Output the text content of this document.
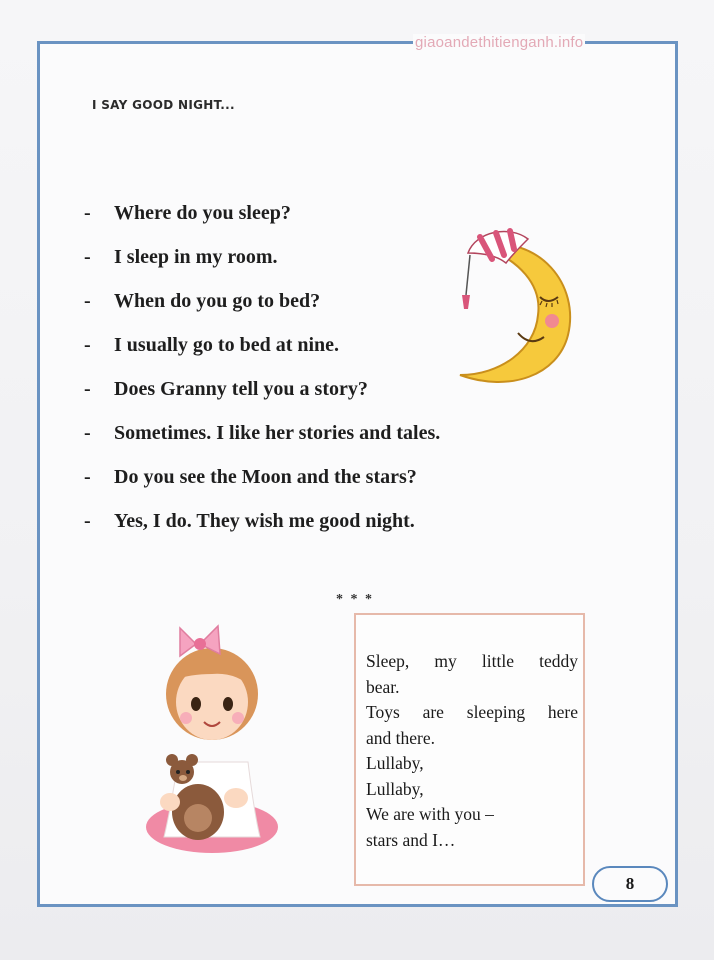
giaoandethitienganh.info
I SAY GOOD NIGHT...
- Where do you sleep?
- I sleep in my room.
- When do you go to bed?
- I usually go to bed at nine.
- Does Granny tell you a story?
- Sometimes. I like her stories and tales.
- Do you see the Moon and the stars?
- Yes, I do. They wish me good night.
* * *
Sleep, my little teddy
bear.
Toys are sleeping here
and there.
Lullaby,
Lullaby,
We are with you –
stars and I…
8
